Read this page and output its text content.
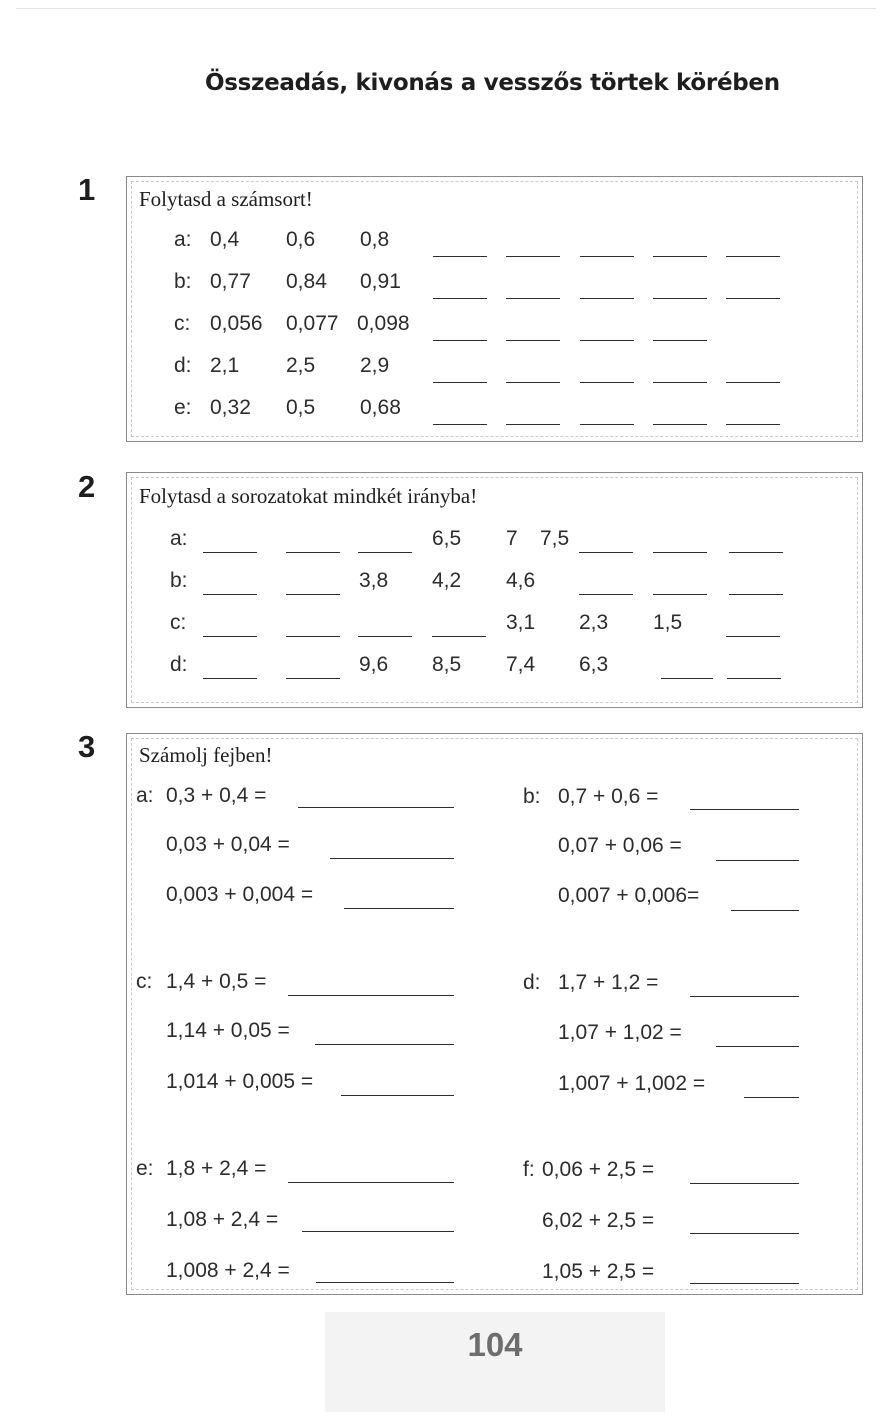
Összeadás, kivonás a vesszős törtek körében
1 Folytasd a számsort!
a: 0,4 0,6 0,8
b: 0,77 0,84 0,91
c: 0,056 0,077 0,098
d: 2,1 2,5 2,9
e: 0,32 0,5 0,68
2 Folytasd a sorozatokat mindkét irányba!
a:	6,5 7 7,5
b:	3,8 4,2 4,6
c:	3,1 2,3 1,5
d:	9,6 8,5 7,4 6,3
3 Számolj fejben!
a: 0,3 + 0,4 =
0,03 + 0,04 =
0,003 + 0,004 =
b: 0,7 + 0,6 =
0,07 + 0,06 =
0,007 + 0,006=
c: 1,4 + 0,5 =
1,14 + 0,05 =
1,014 + 0,005 =
d: 1,7 + 1,2 =
1,07 + 1,02 =
1,007 + 1,002 =
e: 1,8 + 2,4 =
1,08 + 2,4 =
1,008 + 2,4 =
f: 0,06 + 2,5 =
6,02 + 2,5 =
1,05 + 2,5 =
104
